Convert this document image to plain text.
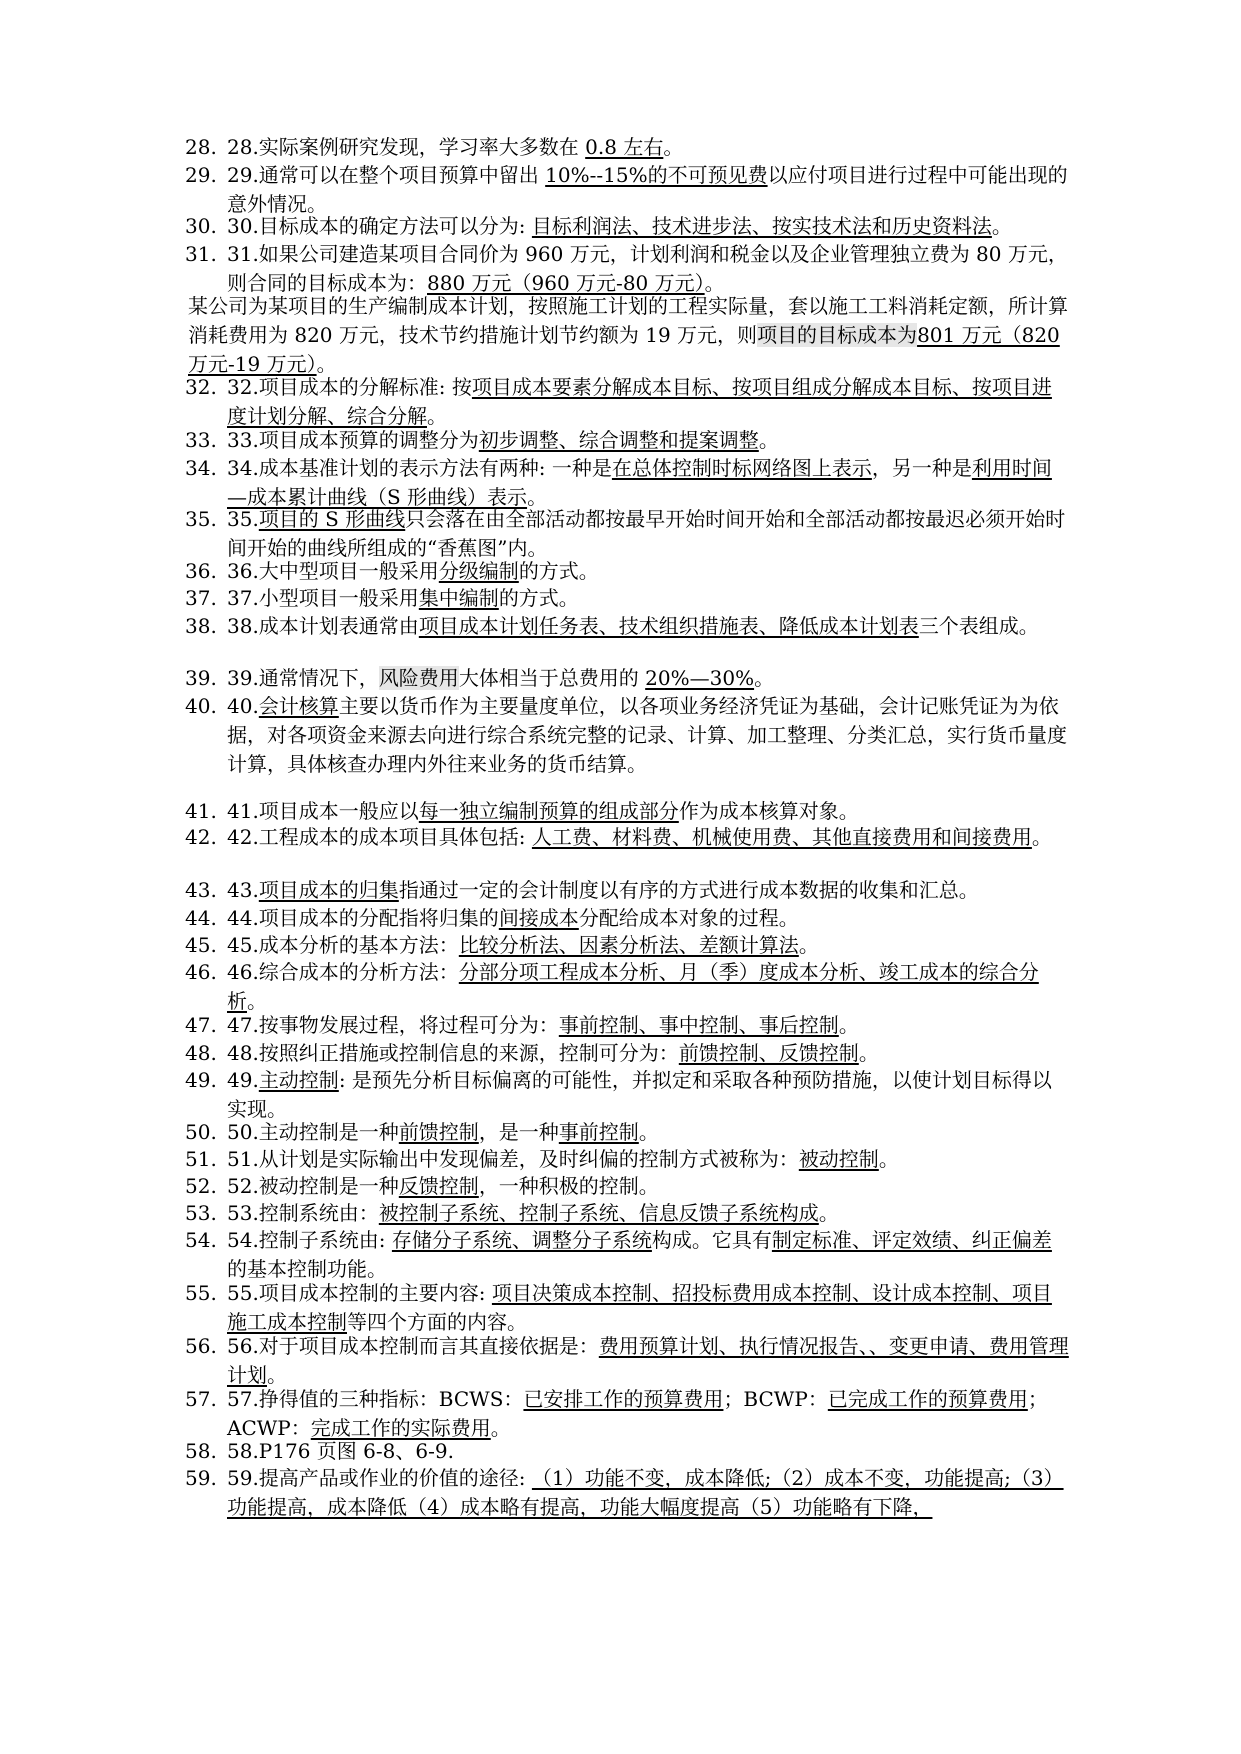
28. 28.实际案例研究发现，学习率大多数在 0.8 左右。
29. 29.通常可以在整个项目预算中留出 10%--15%的不可预见费以应付项目进行过程中可能出现的意外情况。
30. 30.目标成本的确定方法可以分为: 目标利润法、技术进步法、按实技术法和历史资料法。
31. 31.如果公司建造某项目合同价为 960 万元，计划利润和税金以及企业管理独立费为 80 万元，则合同的目标成本为：880 万元（960 万元-80 万元）。
某公司为某项目的生产编制成本计划，按照施工计划的工程实际量，套以施工工料消耗定额，所计算消耗费用为 820 万元，技术节约措施计划节约额为 19 万元，则项目的目标成本为801 万元（820 万元-19 万元）。
32. 32.项目成本的分解标准: 按项目成本要素分解成本目标、按项目组成分解成本目标、按项目进度计划分解、综合分解。
33. 33.项目成本预算的调整分为初步调整、综合调整和提案调整。
34. 34.成本基准计划的表示方法有两种: 一种是在总体控制时标网络图上表示，另一种是利用时间—成本累计曲线（S 形曲线）表示。
35. 35.项目的 S 形曲线只会落在由全部活动都按最早开始时间开始和全部活动都按最迟必须开始时间开始的曲线所组成的“香蕉图”内。
36. 36.大中型项目一般采用分级编制的方式。
37. 37.小型项目一般采用集中编制的方式。
38. 38.成本计划表通常由项目成本计划任务表、技术组织措施表、降低成本计划表三个表组成。
39. 39.通常情况下，风险费用大体相当于总费用的 20%—30%。
40. 40.会计核算主要以货币作为主要量度单位，以各项业务经济凭证为基础，会计记账凭证为为依据，对各项资金来源去向进行综合系统完整的记录、计算、加工整理、分类汇总，实行货币量度计算，具体核查办理内外往来业务的货币结算。
41. 41.项目成本一般应以每一独立编制预算的组成部分作为成本核算对象。
42. 42.工程成本的成本项目具体包括: 人工费、材料费、机械使用费、其他直接费用和间接费用。
43. 43.项目成本的归集指通过一定的会计制度以有序的方式进行成本数据的收集和汇总。
44. 44.项目成本的分配指将归集的间接成本分配给成本对象的过程。
45. 45.成本分析的基本方法：比较分析法、因素分析法、差额计算法。
46. 46.综合成本的分析方法：分部分项工程成本分析、月（季）度成本分析、竣工成本的综合分析。
47. 47.按事物发展过程，将过程可分为：事前控制、事中控制、事后控制。
48. 48.按照纠正措施或控制信息的来源，控制可分为：前馈控制、反馈控制。
49. 49.主动控制: 是预先分析目标偏离的可能性，并拟定和采取各种预防措施，以使计划目标得以实现。
50. 50.主动控制是一种前馈控制，是一种事前控制。
51. 51.从计划是实际输出中发现偏差，及时纠偏的控制方式被称为：被动控制。
52. 52.被动控制是一种反馈控制，一种积极的控制。
53. 53.控制系统由：被控制子系统、控制子系统、信息反馈子系统构成。
54. 54.控制子系统由: 存储分子系统、调整分子系统构成。它具有制定标准、评定效绩、纠正偏差的基本控制功能。
55. 55.项目成本控制的主要内容: 项目决策成本控制、招投标费用成本控制、设计成本控制、项目施工成本控制等四个方面的内容。
56. 56.对于项目成本控制而言其直接依据是：费用预算计划、执行情况报告、、变更申请、费用管理计划。
57. 57.挣得值的三种指标：BCWS：已安排工作的预算费用；BCWP：已完成工作的预算费用；ACWP：完成工作的实际费用。
58. 58.P176 页图 6-8、6-9.
59. 59.提高产品或作业的价值的途径: （1）功能不变，成本降低;（2）成本不变，功能提高;（3）功能提高，成本降低（4）成本略有提高，功能大幅度提高（5）功能略有下降，
